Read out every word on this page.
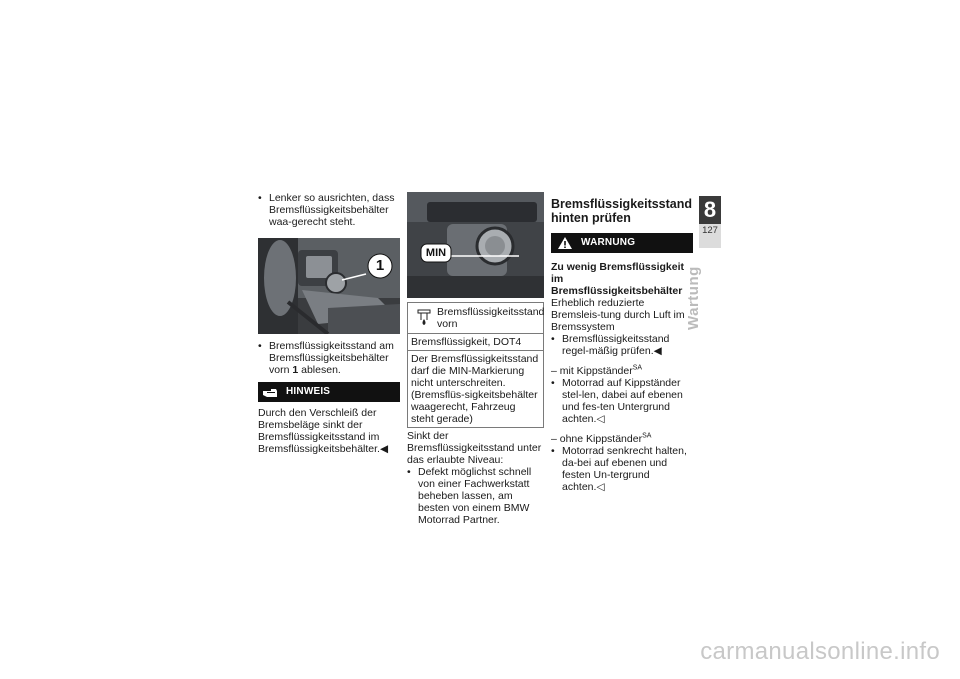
• Lenker so ausrichten, dass Bremsflüssigkeitsbehälter waa-gerecht steht.

1

• Bremsflüssigkeitsstand am Bremsflüssigkeitsbehälter vorn 1 ablesen.

HINWEIS

Durch den Verschleiß der Bremsbeläge sinkt der Bremsflüssigkeitsstand im Bremsflüssigkeitsbehälter.◀

MIN
Bremsflüssigkeitsstand vorn
Bremsflüssigkeit, DOT4
Der Bremsflüssigkeitsstand darf die MIN-Markierung nicht unterschreiten. (Bremsflüs-sigkeitsbehälter waagerecht, Fahrzeug steht gerade)

Sinkt der Bremsflüssigkeitsstand unter das erlaubte Niveau:

• Defekt möglichst schnell von einer Fachwerkstatt beheben lassen, am besten von einem BMW Motorrad Partner.

Bremsflüssigkeitsstand hinten prüfen
WARNUNG

Zu wenig Bremsflüssigkeit im Bremsflüssigkeitsbehälter

Erheblich reduzierte Bremsleis-tung durch Luft im Bremssystem

• Bremsflüssigkeitsstand regel-mäßig prüfen.◀

– mit Kippständer$^{SA}$

• Motorrad auf Kippständer stel-len, dabei auf ebenen und fes-ten Untergrund achten.◁

– ohne Kippständer$^{SA}$

• Motorrad senkrecht halten, da-bei auf ebenen und festen Un-tergrund achten.◁

8
127
Wartung
carmanualsonline.info
